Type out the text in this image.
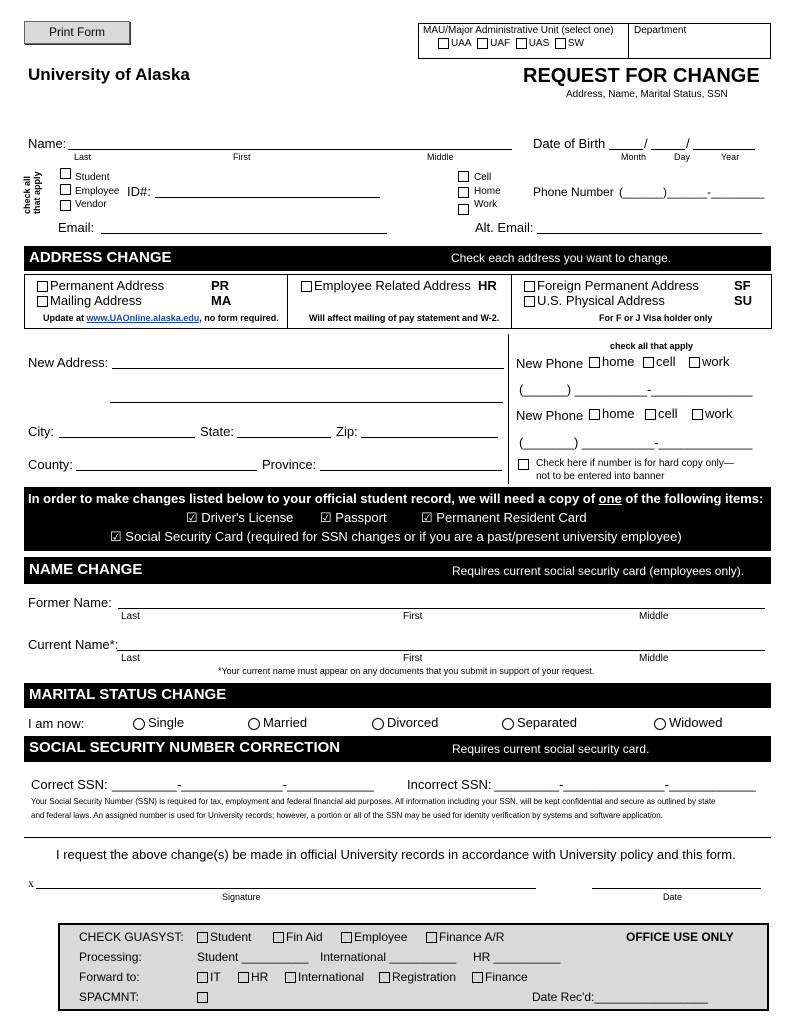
Print Form	MAU/Major Administrative Unit (select one)
UAA UAF UAS SW
Department
University of Alaska	REQUEST FOR CHANGE
Address, Name, Marital Status, SSN
Name:
Last	First	Middle
Date of Birth	/	/
Month	Day	Year
check all that apply	Student
Employee
Vendor
ID#:
Cell
Home
Work
Phone Number (______)______-________
Email:	Alt. Email:
ADDRESS CHANGE	Check each address you want to change.
Permanent Address	PR
Mailing Address	MA
Update at www.UAOnline.alaska.edu, no form required.
Employee Related Address HR
Will affect mailing of pay statement and W-2.
Foreign Permanent Address	SF
U.S. Physical Address	SU
For F or J Visa holder only
New Address:
City:	State:	Zip:
County:	Province:
check all that apply
New Phone	home	cell	work
(______) __________-______________
New Phone	home	cell	work
(_______) __________-_____________
Check here if number is for hard copy only—
not to be entered into banner
In order to make changes listed below to your official student record, we will need a copy of one of the following items:
☑ Driver's License ☑ Passport	☑ Permanent Resident Card
☑ Social Security Card (required for SSN changes or if you are a past/present university employee)
NAME CHANGE	Requires current social security card (employees only).
Former Name:
Last	First	Middle
Current Name*:
Last	First	Middle
*Your current name must appear on any documents that you submit in support of your request.
MARITAL STATUS CHANGE
I am now:	Single	Married	Divorced	Separated	Widowed
SOCIAL SECURITY NUMBER CORRECTION	Requires current social security card.
Correct SSN: _________-______________-____________	Incorrect SSN: _________-______________-____________
Your Social Security Number (SSN) is required for tax, employment and federal financial aid purposes. All information including your SSN, will be kept confidential and secure as outlined by state
and federal laws. An assigned number is used for University records; however, a portion or all of the SSN may be used for identity verification by systems and software application.
I request the above change(s) be made in official University records in accordance with University policy and this form.
x
Signature	Date
CHECK GUASYST:	Student	Fin Aid	Employee	Finance A/R	OFFICE USE ONLY
Processing:	Student __________ International __________ HR __________
Forward to:	IT	HR	International	Registration	Finance
SPACMNT:	Date Rec'd:_________________
